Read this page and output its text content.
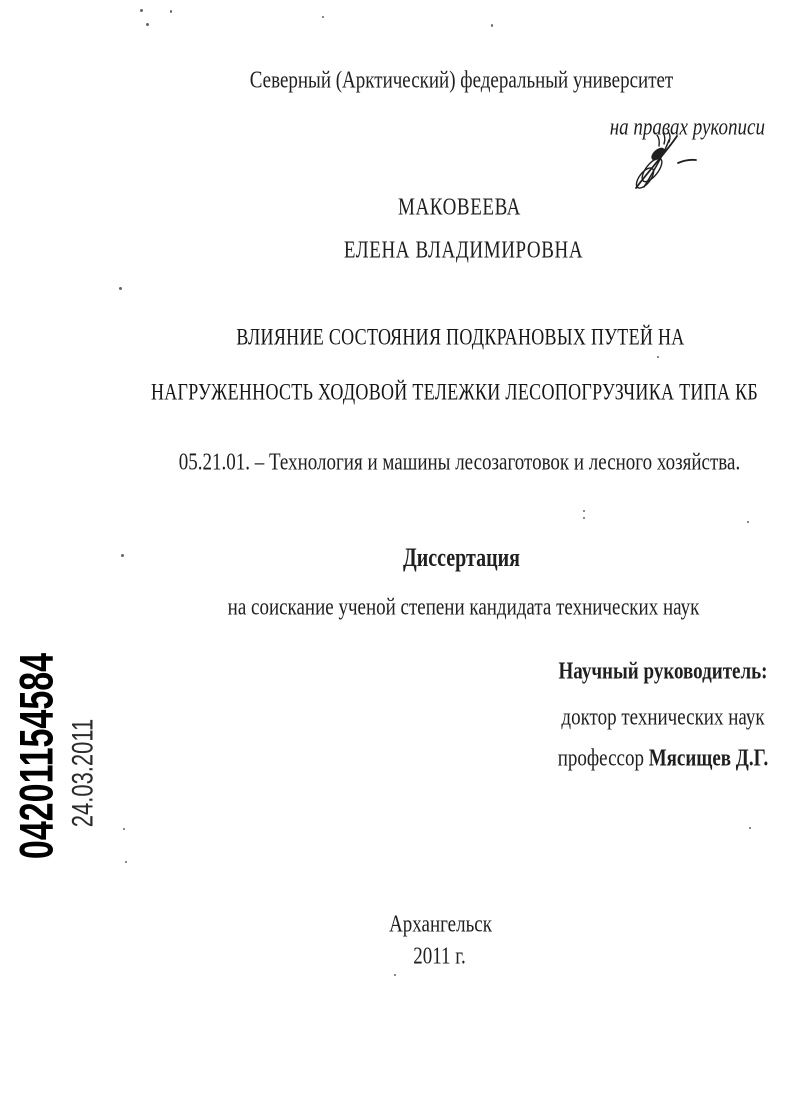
Северный (Арктический) федеральный университет
на правах рукописи
МАКОВЕЕВА
ЕЛЕНА ВЛАДИМИРОВНА
ВЛИЯНИЕ СОСТОЯНИЯ ПОДКРАНОВЫХ ПУТЕЙ НА
НАГРУЖЕННОСТЬ ХОДОВОЙ ТЕЛЕЖКИ ЛЕСОПОГРУЗЧИКА ТИПА КБ
05.21.01. – Технология и машины лесозаготовок и лесного хозяйства.
Диссертация
на соискание ученой степени кандидата технических наук
Научный руководитель:
доктор технических наук
профессор Мясищев Д.Г.
Архангельск
2011 г.
04201154584 24.03.2011
